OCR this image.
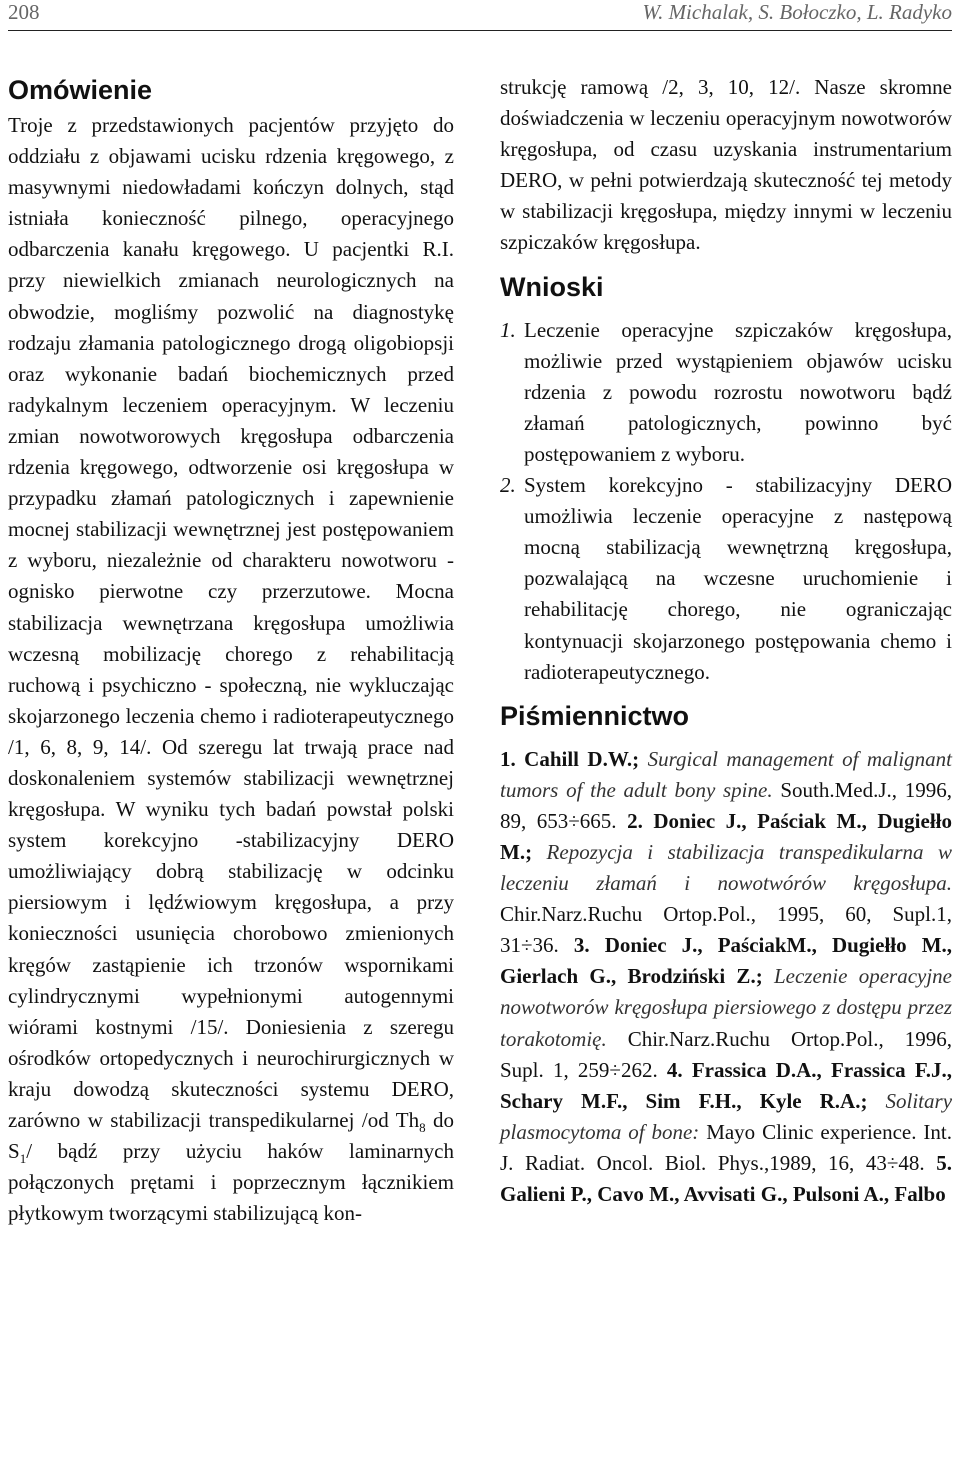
208	W. Michalak, S. Bołoczko, L. Radyko
Omówienie

Troje z przedstawionych pacjentów przyjęto do oddziału z objawami ucisku rdzenia kręgowego, z masywnymi niedowładami kończyn dolnych, stąd istniała konieczność pilnego, operacyjnego odbarczenia kanału kręgowego. U pacjentki R.I. przy niewielkich zmianach neurologicznych na obwodzie, mogliśmy pozwolić na diagnostykę rodzaju złamania patologicznego drogą oligobiopsji oraz wykonanie badań biochemicznych przed radykalnym leczeniem operacyjnym. W leczeniu zmian nowotworowych kręgosłupa odbarczenia rdzenia kręgowego, odtworzenie osi kręgosłupa w przypadku złamań patologicznych i zapewnienie mocnej stabilizacji wewnętrznej jest postępowaniem z wyboru, niezależnie od charakteru nowotworu - ognisko pierwotne czy przerzutowe. Mocna stabilizacja wewnętrzana kręgosłupa umożliwia wczesną mobilizację chorego z rehabilitacją ruchową i psychiczno - społeczną, nie wykluczając skojarzonego leczenia chemo i radioterapeutycznego /1, 6, 8, 9, 14/. Od szeregu lat trwają prace nad doskonaleniem systemów stabilizacji wewnętrznej kręgosłupa. W wyniku tych badań powstał polski system korekcyjno -stabilizacyjny DERO umożliwiający dobrą stabilizację w odcinku piersiowym i lędźwiowym kręgosłupa, a przy konieczności usunięcia chorobowo zmienionych kręgów zastąpienie ich trzonów wspornikami cylindrycznymi wypełnionymi autogennymi wiórami kostnymi /15/. Doniesienia z szeregu ośrodków ortopedycznych i neurochirurgicznych w kraju dowodzą skuteczności systemu DERO, zarówno w stabilizacji transpedikularnej /od $Th_8$ do $S_1/$ bądź przy użyciu haków laminarnych połączonych prętami i poprzecznym łącznikiem płytkowym tworzącymi stabilizującą kon-

strukcję ramową /2, 3, 10, 12/. Nasze skromne doświadczenia w leczeniu operacyjnym nowotworów kręgosłupa, od czasu uzyskania instrumentarium DERO, w pełni potwierdzają skuteczność tej metody w stabilizacji kręgosłupa, między innymi w leczeniu szpiczaków kręgosłupa.

Wnioski
1. Leczenie operacyjne szpiczaków kręgosłupa, możliwie przed wystąpieniem objawów ucisku rdzenia z powodu rozrostu nowotworu bądź złamań patologicznych, powinno być postępowaniem z wyboru.
2. System korekcyjno - stabilizacyjny DERO umożliwia leczenie operacyjne z następową mocną stabilizacją wewnętrzną kręgosłupa, pozwalającą na wczesne uruchomienie i rehabilitację chorego, nie ograniczając kontynuacji skojarzonego postępowania chemo i radioterapeutycznego.
Piśmiennictwo

1. Cahill D.W.; Surgical management of malignant tumors of the adult bony spine. South.Med.J., 1996, 89, 653÷665. 2. Doniec J., Paściak M., Dugiełło M.; Repozycja i stabilizacja transpedikularna w leczeniu złamań i nowotwórów kręgosłupa. Chir.Narz.Ruchu Ortop.Pol., 1995, 60, Supl.1, 31÷36. 3. Doniec J., PaściakM., Dugiełło M., Gierlach G., Brodziński Z.; Leczenie operacyjne nowotworów kręgosłupa piersiowego z dostępu przez torakotomię. Chir.Narz.Ruchu Ortop.Pol., 1996, Supl. 1, 259÷262. 4. Frassica D.A., Frassica F.J., Schary M.F., Sim F.H., Kyle R.A.; Solitary plasmocytoma of bone: Mayo Clinic experience. Int. J. Radiat. Oncol. Biol. Phys.,1989, 16, 43÷48. 5. Galieni P., Cavo M., Avvisati G., Pulsoni A., Falbo
